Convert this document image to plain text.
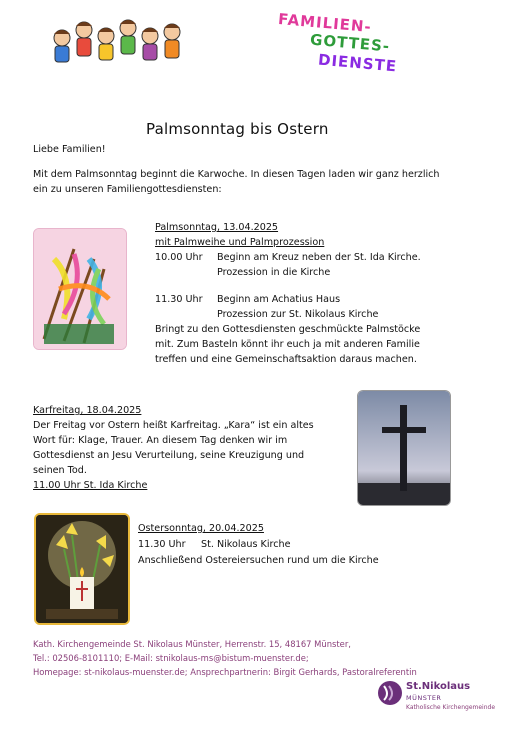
FAMILIEN-
GOTTES-
DIENSTE
Palmsonntag bis Ostern
Liebe Familien!
Mit dem Palmsonntag beginnt die Karwoche. In diesen Tagen laden wir ganz herzlich
ein zu unseren Familiengottesdiensten:
Palmsonntag, 13.04.2025
mit Palmweihe und Palmprozession
10.00 Uhr Beginn am Kreuz neben der St. Ida Kirche.
Prozession in die Kirche
11.30 Uhr Beginn am Achatius Haus
Prozession zur St. Nikolaus Kirche
Bringt zu den Gottesdiensten geschmückte Palmstöcke
mit. Zum Basteln könnt ihr euch ja mit anderen Familie
treffen und eine Gemeinschaftsaktion daraus machen.
Karfreitag, 18.04.2025
Der Freitag vor Ostern heißt Karfreitag. „Kara“ ist ein altes
Wort für: Klage, Trauer. An diesem Tag denken wir im
Gottesdienst an Jesu Verurteilung, seine Kreuzigung und
seinen Tod.
11.00 Uhr St. Ida Kirche
Ostersonntag, 20.04.2025
11.30 Uhr St. Nikolaus Kirche
Anschließend Ostereiersuchen rund um die Kirche
Kath. Kirchengemeinde St. Nikolaus Münster, Herrenstr. 15, 48167 Münster,
Tel.: 02506-8101110; E-Mail: stnikolaus-ms@bistum-muenster.de;
Homepage: st-nikolaus-muenster.de; Ansprechpartnerin: Birgit Gerhards, Pastoralreferentin
St.Nikolaus
MÜNSTER
Katholische Kirchengemeinde
